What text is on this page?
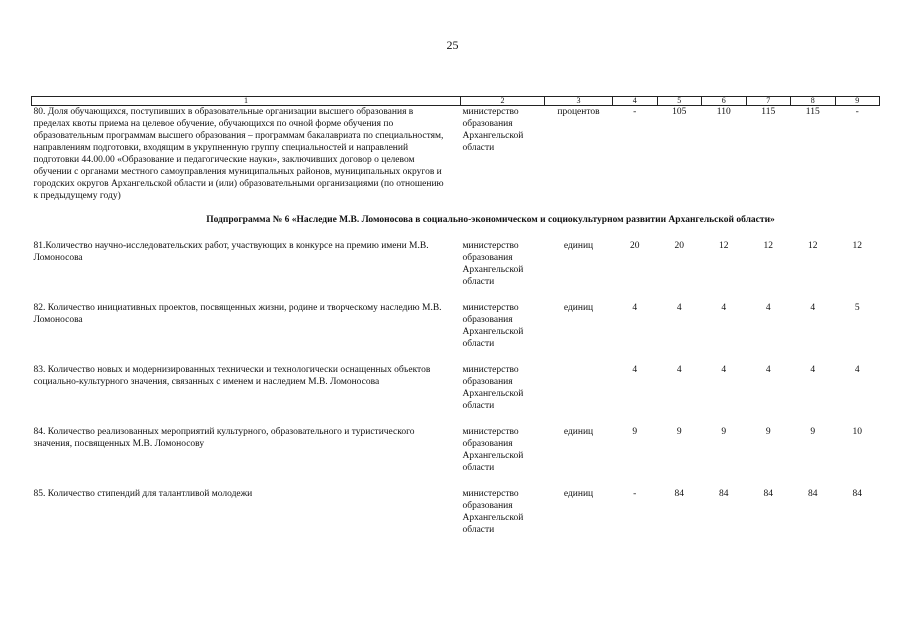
25
1	2	3	4	5	6	7	8	9
80. Доля обучающихся, поступивших в образовательные организации высшего образования в пределах квоты приема на целевое обучение, обучающихся по очной форме обучения по образовательным программам высшего образования – программам бакалавриата по специальностям, направлениям подготовки, входящим в укрупненную группу специальностей и направлений подготовки 44.00.00 «Образование и педагогические науки», заключивших договор о целевом обучении с органами местного самоуправления муниципальных районов, муниципальных округов и городских округов Архангельской области и (или) образовательными организациями (по отношению к предыдущему году)	министерство образования Архангельской области	процентов	-	105	110	115	115	-
Подпрограмма № 6 «Наследие М.В. Ломоносова в социально-экономическом и социокультурном развитии Архангельской области»								
81.Количество научно-исследовательских работ, участвующих в конкурсе на премию имени М.В. Ломоносова	министерство образования Архангельской области	единиц	20	20	12	12	12	12
82. Количество инициативных проектов, посвященных жизни, родине и творческому наследию М.В. Ломоносова	министерство образования Архангельской области	единиц	4	4	4	4	4	5
83. Количество новых и модернизированных технически и технологически оснащенных объектов социально-культурного значения, связанных с именем и наследием М.В. Ломоносова	министерство образования Архангельской области		4	4	4	4	4	4
84. Количество реализованных мероприятий культурного, образовательного и туристического значения, посвященных М.В. Ломоносову	министерство образования Архангельской области	единиц	9	9	9	9	9	10
85. Количество стипендий для талантливой молодежи	министерство образования Архангельской области	единиц	-	84	84	84	84	84
